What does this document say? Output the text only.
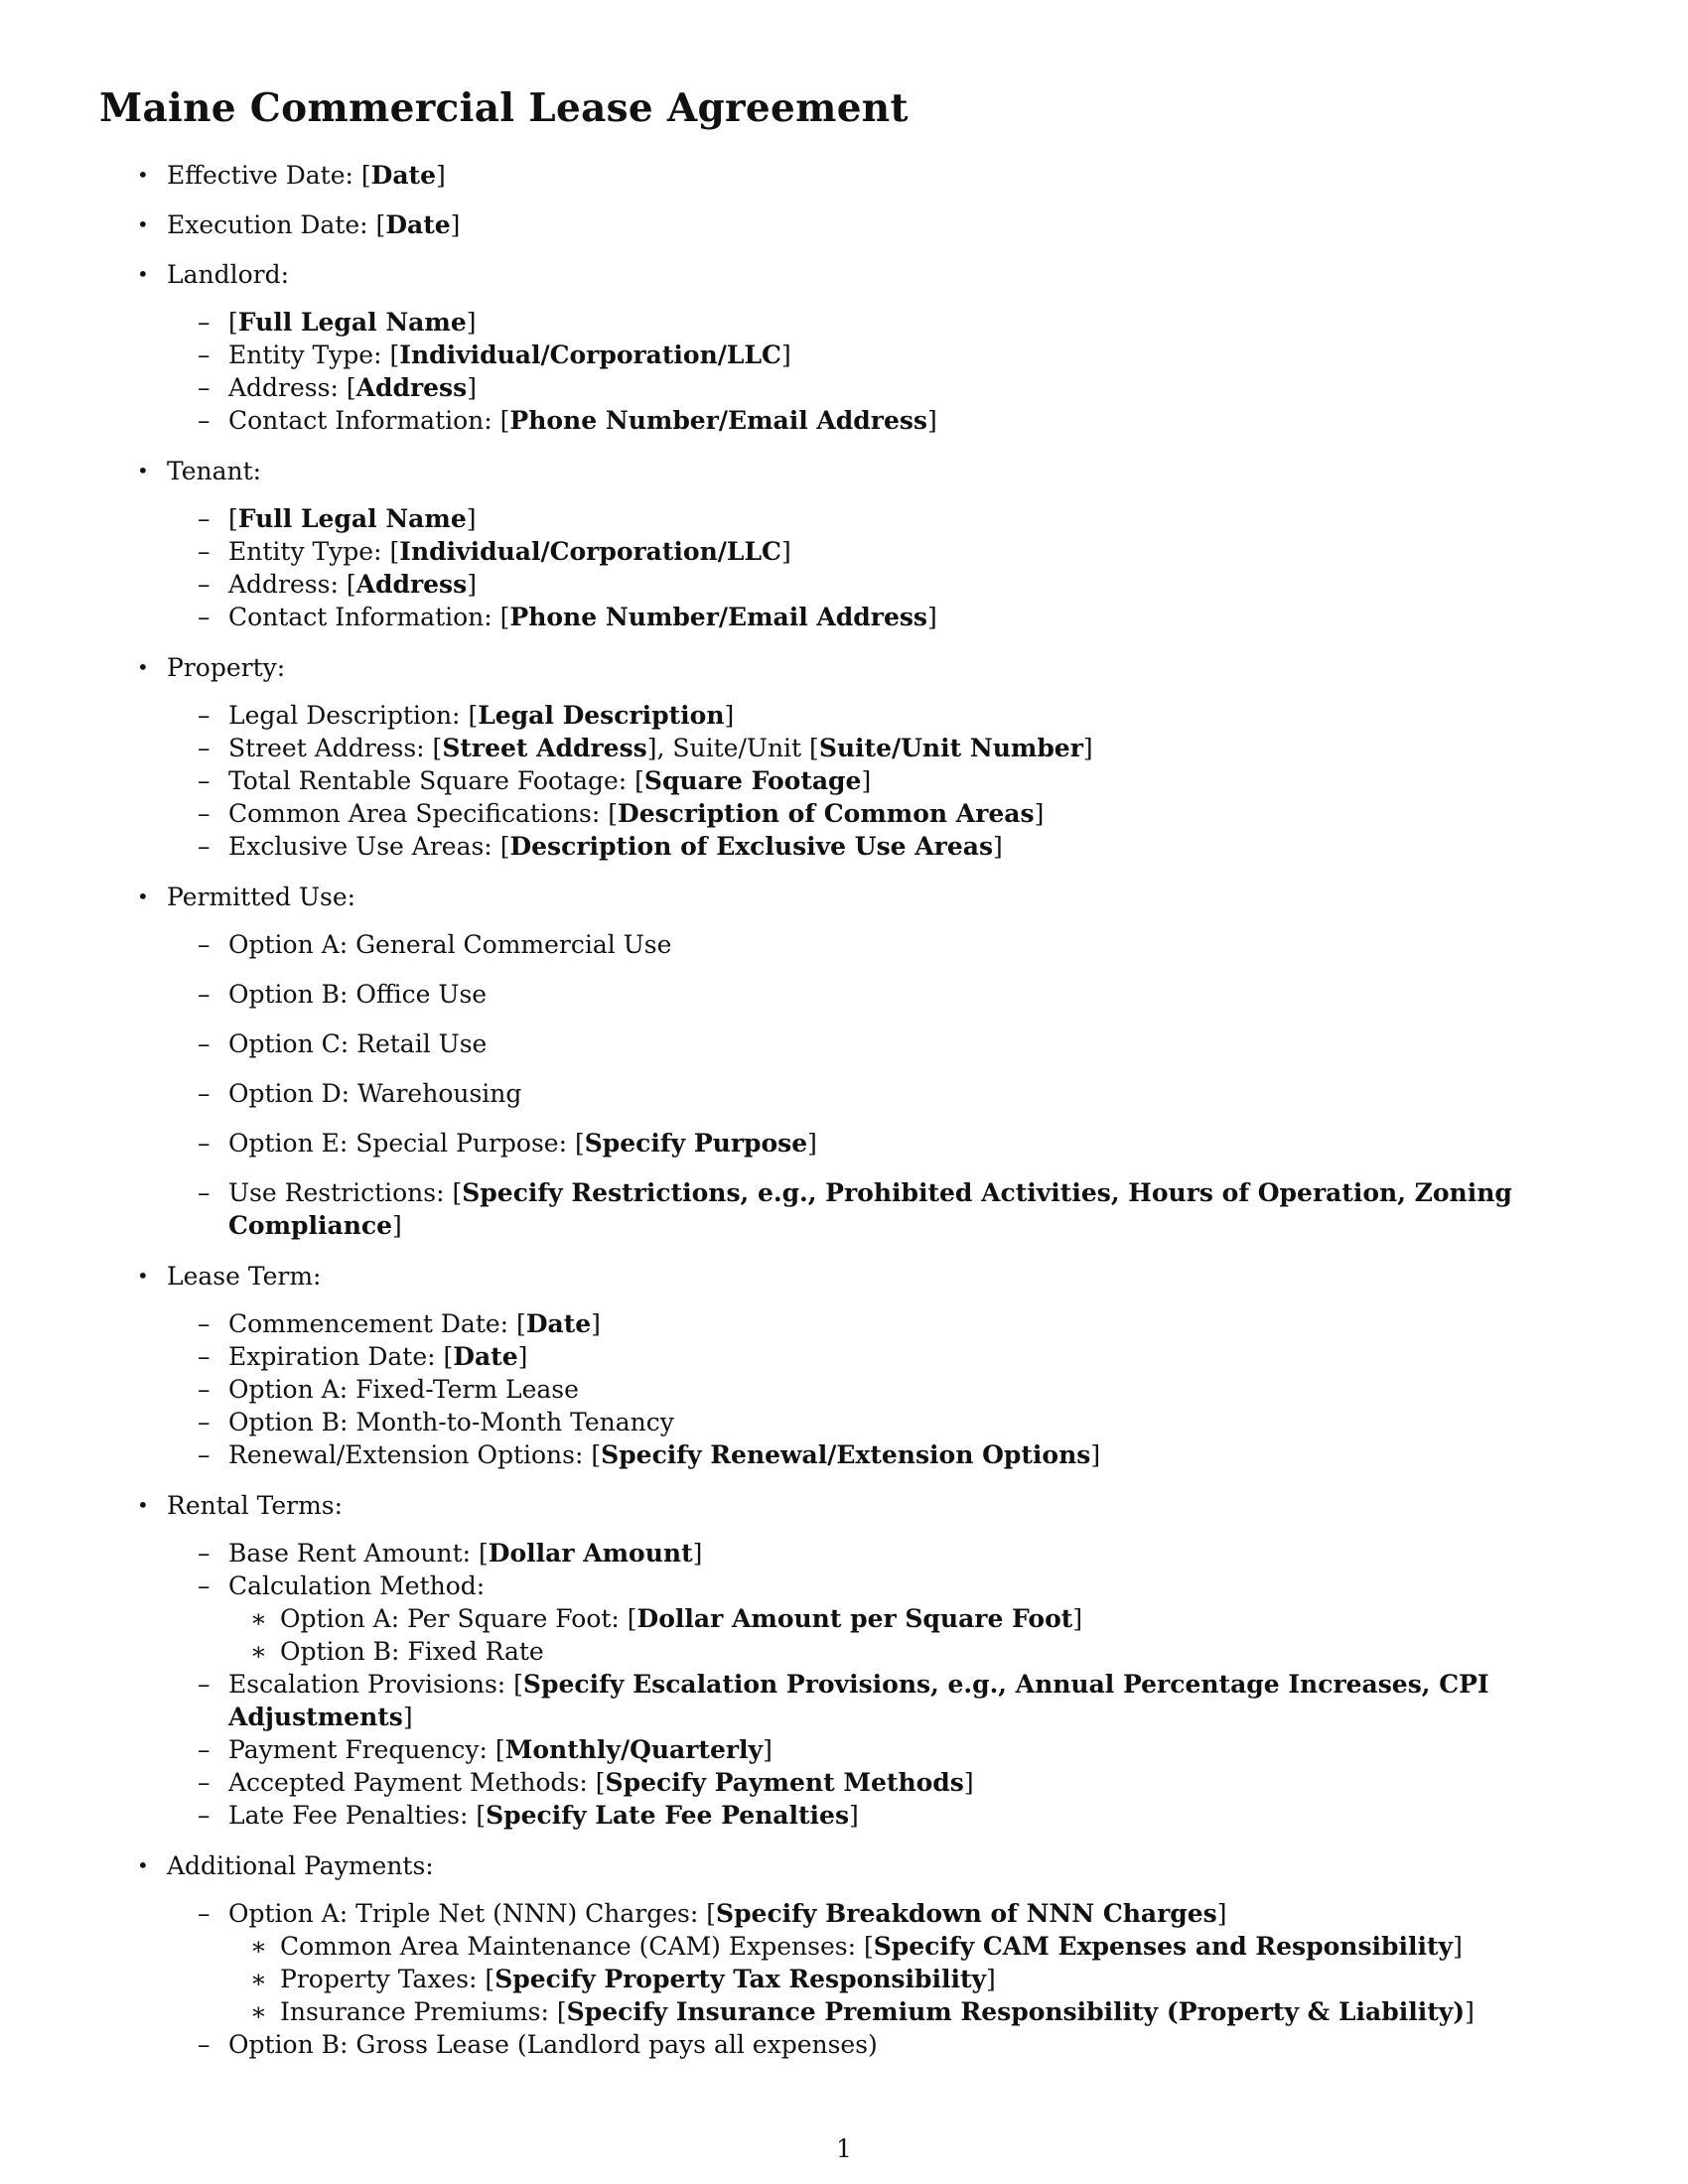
Maine Commercial Lease Agreement
• Effective Date: [Date]
• Execution Date: [Date]
• Landlord:
– [Full Legal Name]
– Entity Type: [Individual/Corporation/LLC]
– Address: [Address]
– Contact Information: [Phone Number/Email Address]
• Tenant:
– [Full Legal Name]
– Entity Type: [Individual/Corporation/LLC]
– Address: [Address]
– Contact Information: [Phone Number/Email Address]
• Property:
– Legal Description: [Legal Description]
– Street Address: [Street Address], Suite/Unit [Suite/Unit Number]
– Total Rentable Square Footage: [Square Footage]
– Common Area Specifications: [Description of Common Areas]
– Exclusive Use Areas: [Description of Exclusive Use Areas]
• Permitted Use:
– Option A: General Commercial Use
– Option B: Office Use
– Option C: Retail Use
– Option D: Warehousing
– Option E: Special Purpose: [Specify Purpose]
– Use Restrictions: [Specify Restrictions, e.g., Prohibited Activities, Hours of Operation, Zoning Compliance]
• Lease Term:
– Commencement Date: [Date]
– Expiration Date: [Date]
– Option A: Fixed-Term Lease
– Option B: Month-to-Month Tenancy
– Renewal/Extension Options: [Specify Renewal/Extension Options]
• Rental Terms:
– Base Rent Amount: [Dollar Amount]
– Calculation Method:
∗ Option A: Per Square Foot: [Dollar Amount per Square Foot]
∗ Option B: Fixed Rate
– Escalation Provisions: [Specify Escalation Provisions, e.g., Annual Percentage Increases, CPI Adjustments]
– Payment Frequency: [Monthly/Quarterly]
– Accepted Payment Methods: [Specify Payment Methods]
– Late Fee Penalties: [Specify Late Fee Penalties]
• Additional Payments:
– Option A: Triple Net (NNN) Charges: [Specify Breakdown of NNN Charges]
∗ Common Area Maintenance (CAM) Expenses: [Specify CAM Expenses and Responsibility]
∗ Property Taxes: [Specify Property Tax Responsibility]
∗ Insurance Premiums: [Specify Insurance Premium Responsibility (Property & Liability)]
– Option B: Gross Lease (Landlord pays all expenses)
1
